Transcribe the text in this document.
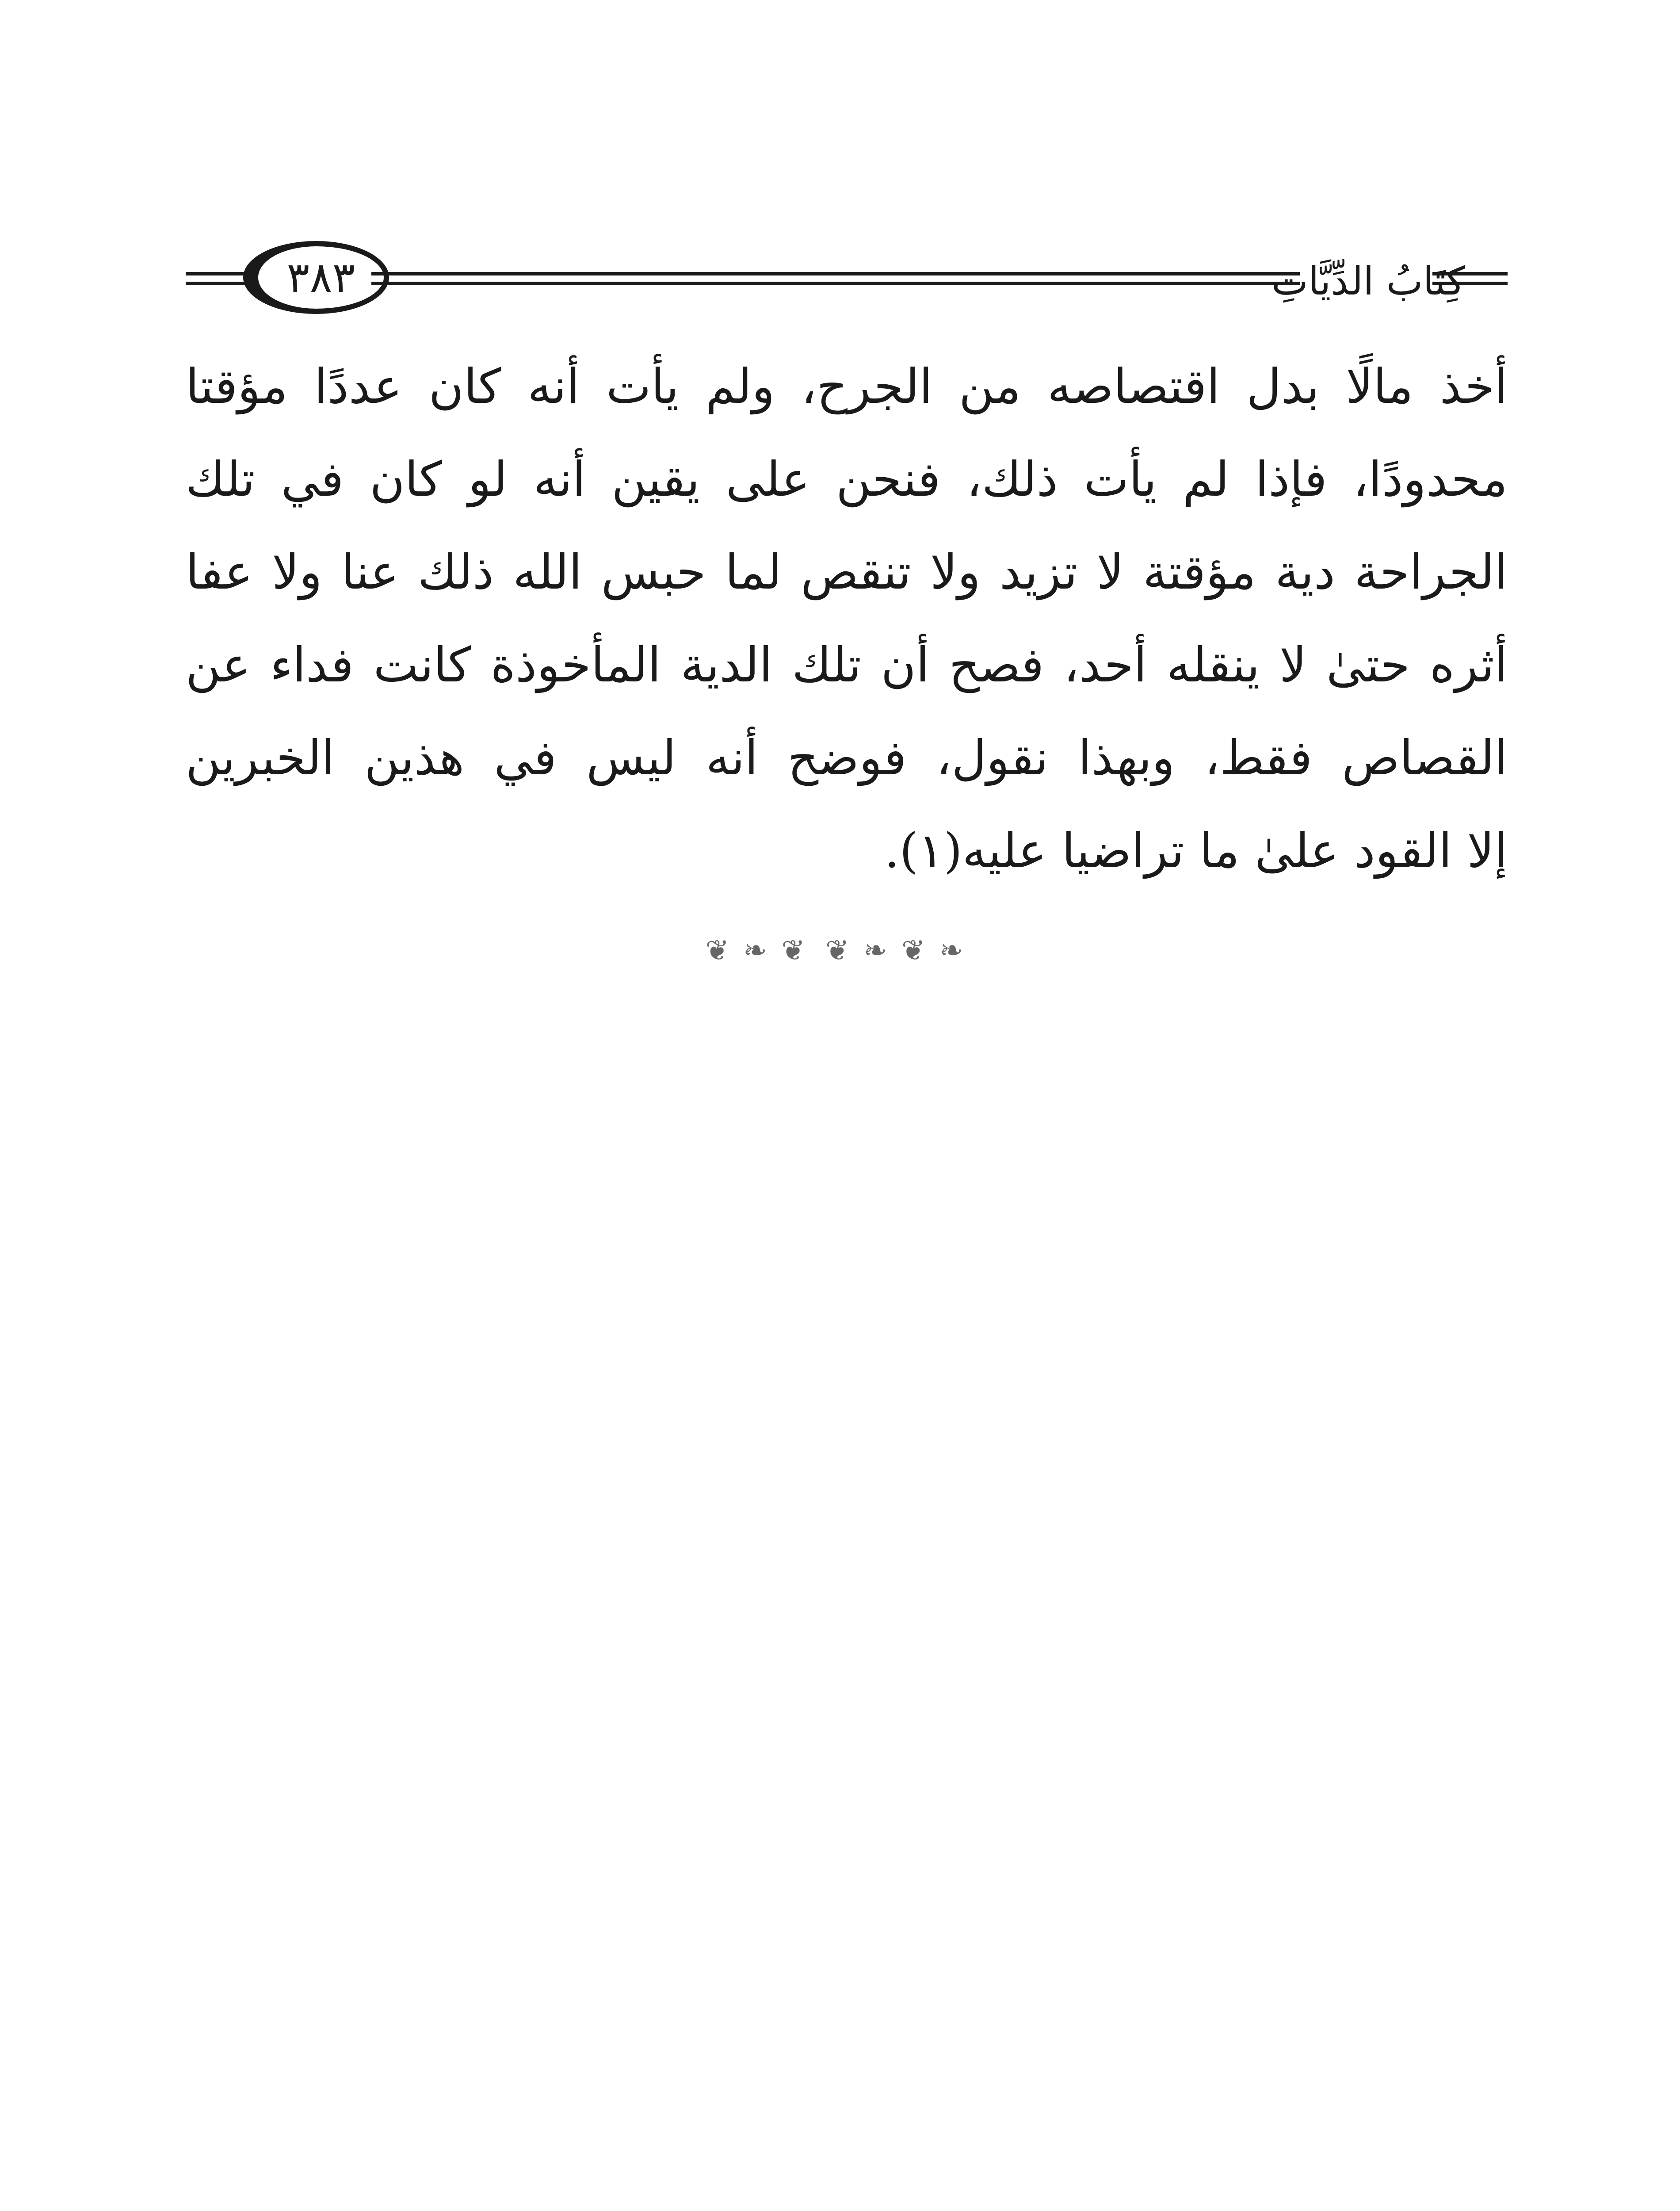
٣٨٣	كِتَابُ الدِّيَّاتِ
أخذ مالًا بدل اقتصاصه من الجرح، ولم يأت أنه كان عددًا مؤقتا
محدودًا، فإذا لم يأت ذلك، فنحن على يقين أنه لو كان في تلك
الجراحة دية مؤقتة لا تزيد ولا تنقص لما حبس الله ذلك عنا ولا عفا
أثره حتىٰ لا ينقله أحد، فصح أن تلك الدية المأخوذة كانت فداء عن
القصاص فقط، وبهذا نقول، فوضح أنه ليس في هذين الخبرين
إلا القود علىٰ ما تراضيا عليه(١).
❦ ❧ ❦ ❦ ❧ ❦ ❧
